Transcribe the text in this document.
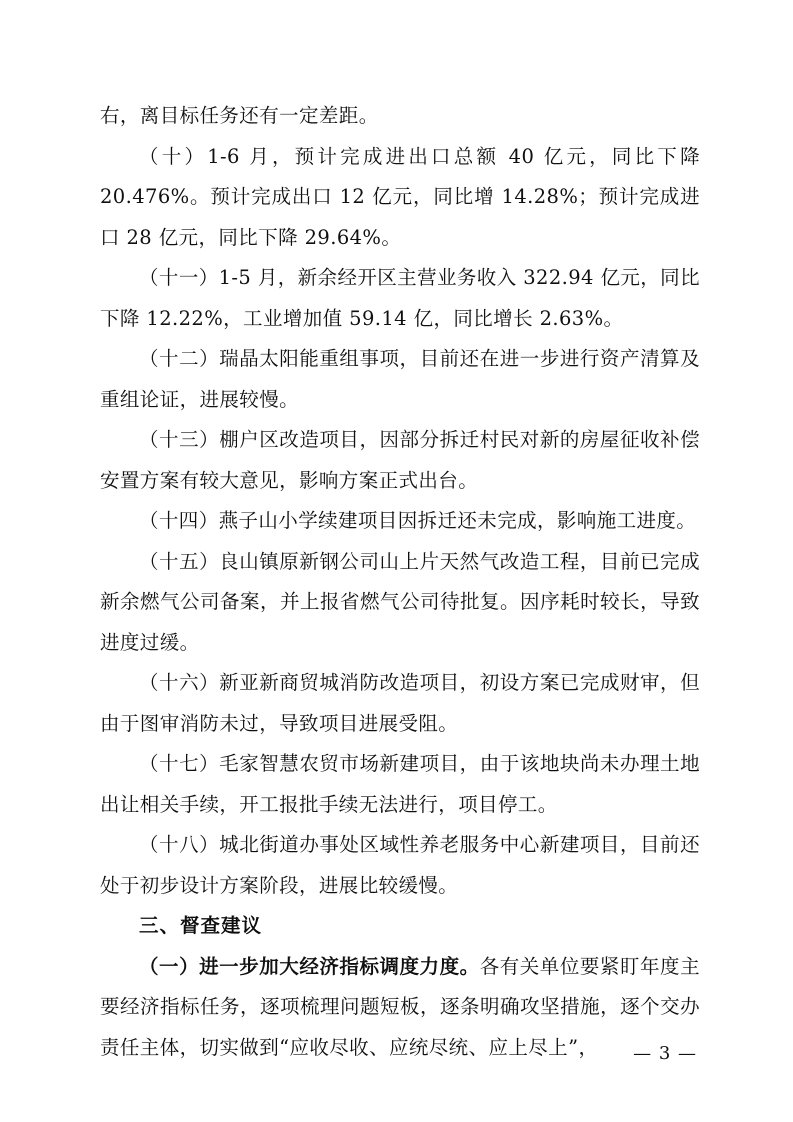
右，离目标任务还有一定差距。

（十）1-6 月，预计完成进出口总额 40 亿元，同比下降 20.476%。预计完成出口 12 亿元，同比增 14.28%；预计完成进口 28 亿元，同比下降 29.64%。

（十一）1-5 月，新余经开区主营业务收入 322.94 亿元，同比下降 12.22%，工业增加值 59.14 亿，同比增长 2.63%。

（十二）瑞晶太阳能重组事项，目前还在进一步进行资产清算及重组论证，进展较慢。

（十三）棚户区改造项目，因部分拆迁村民对新的房屋征收补偿安置方案有较大意见，影响方案正式出台。

（十四）燕子山小学续建项目因拆迁还未完成，影响施工进度。

（十五）良山镇原新钢公司山上片天然气改造工程，目前已完成新余燃气公司备案，并上报省燃气公司待批复。因序耗时较长，导致进度过缓。

（十六）新亚新商贸城消防改造项目，初设方案已完成财审，但由于图审消防未过，导致项目进展受阻。

（十七）毛家智慧农贸市场新建项目，由于该地块尚未办理土地出让相关手续，开工报批手续无法进行，项目停工。

（十八）城北街道办事处区域性养老服务中心新建项目，目前还处于初步设计方案阶段，进展比较缓慢。

三、督查建议

（一）进一步加大经济指标调度力度。各有关单位要紧盯年度主要经济指标任务，逐项梳理问题短板，逐条明确攻坚措施，逐个交办责任主体，切实做到“应收尽收、应统尽统、应上尽上”，	— 3 —
